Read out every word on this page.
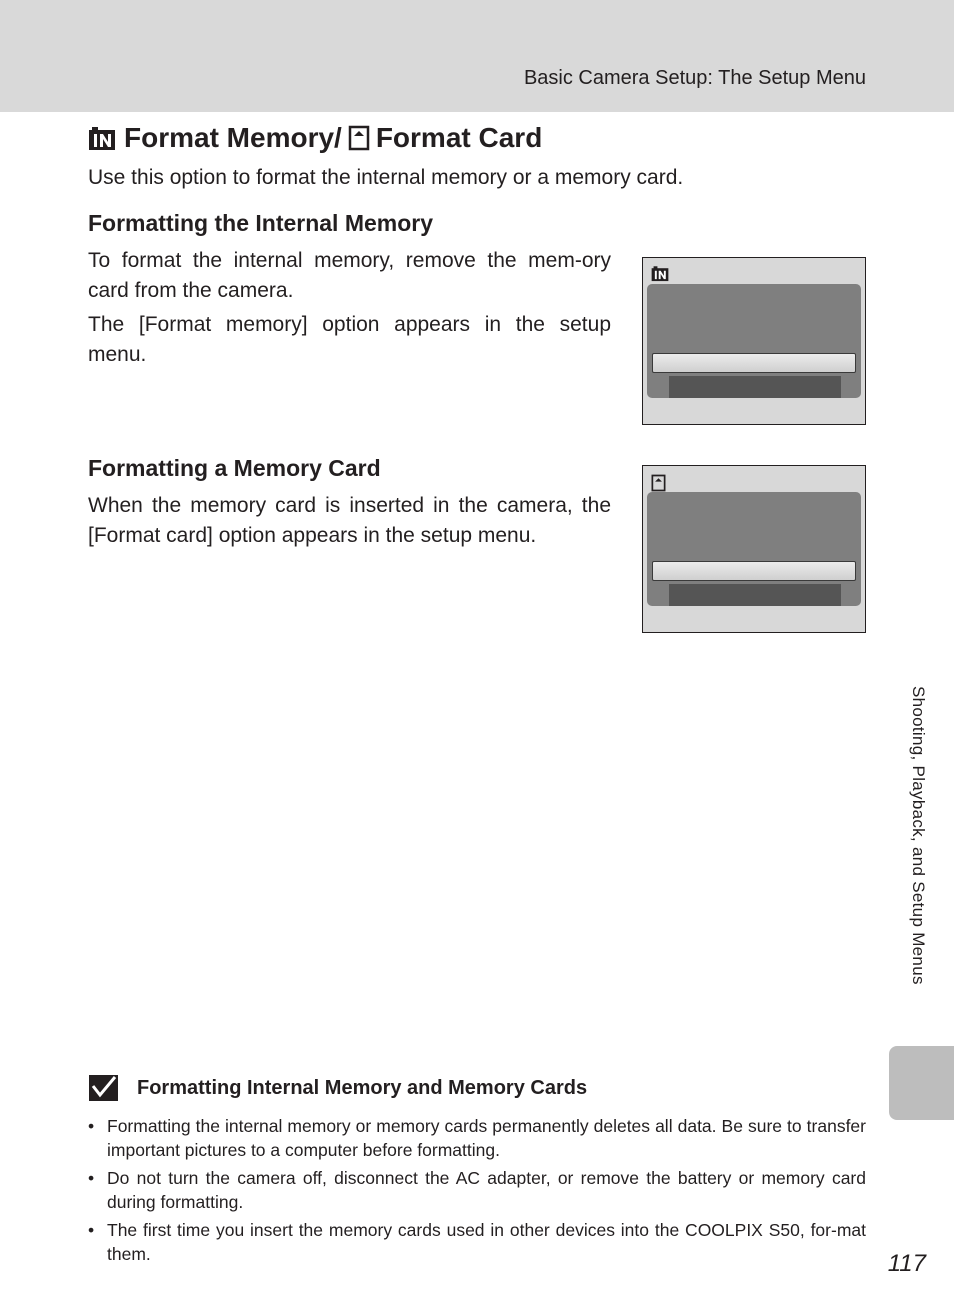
Basic Camera Setup: The Setup Menu
Format Memory/ Format Card
Use this option to format the internal memory or a memory card.
Formatting the Internal Memory

To format the internal memory, remove the mem-ory card from the camera.

The [Format memory] option appears in the setup menu.

Formatting a Memory Card

When the memory card is inserted in the camera, the [Format card] option appears in the setup menu.

Shooting, Playback, and Setup Menus
Formatting Internal Memory and Memory Cards
• Formatting the internal memory or memory cards permanently deletes all data. Be sure to transfer important pictures to a computer before formatting.
• Do not turn the camera off, disconnect the AC adapter, or remove the battery or memory card during formatting.
• The first time you insert the memory cards used in other devices into the COOLPIX S50, for-mat them.	117
